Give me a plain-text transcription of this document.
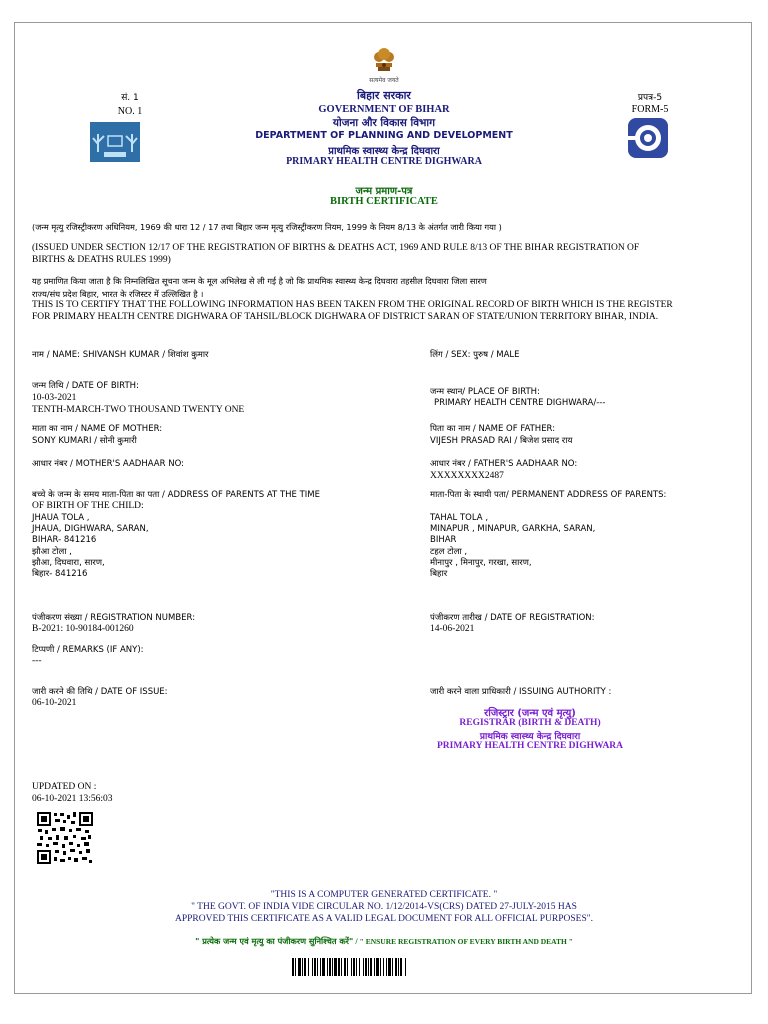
सत्यमेव जयते
सं. 1
NO. 1
बिहार सरकार
GOVERNMENT OF BIHAR
योजना और विकास विभाग
DEPARTMENT OF PLANNING AND DEVELOPMENT
प्राथमिक स्वास्थ्य केन्द्र दिघवारा
PRIMARY HEALTH CENTRE DIGHWARA
प्रपत्र-5
FORM-5
जन्म प्रमाण-पत्र
BIRTH CERTIFICATE
(जन्म मृत्यु रजिस्ट्रीकरण अधिनियम, 1969 की धारा 12 / 17 तथा बिहार जन्म मृत्यु रजिस्ट्रीकरण नियम, 1999 के नियम 8/13 के अंतर्गत जारी किया गया )
(ISSUED UNDER SECTION 12/17 OF THE REGISTRATION OF BIRTHS & DEATHS ACT, 1969 AND RULE 8/13 OF THE BIHAR REGISTRATION OF
BIRTHS & DEATHS RULES 1999)
यह प्रमाणित किया जाता है कि निम्नलिखित सूचना जन्म के मूल अभिलेख से ली गई है जो कि प्राथमिक स्वास्थ्य केन्द्र दिघवारा तहसील दिघवारा जिला सारण
राज्य/संघ प्रदेश बिहार, भारत के रजिस्टर में उल्लिखित है ।
THIS IS TO CERTIFY THAT THE FOLLOWING INFORMATION HAS BEEN TAKEN FROM THE ORIGINAL RECORD OF BIRTH WHICH IS THE REGISTER
FOR PRIMARY HEALTH CENTRE DIGHWARA OF TAHSIL/BLOCK DIGHWARA OF DISTRICT SARAN OF STATE/UNION TERRITORY BIHAR, INDIA.
नाम / NAME: SHIVANSH KUMAR / शिवांश कुमार	लिंग / SEX: पुरुष / MALE
जन्म तिथि / DATE OF BIRTH:
10-03-2021
TENTH-MARCH-TWO THOUSAND TWENTY ONE
जन्म स्थान/ PLACE OF BIRTH:
PRIMARY HEALTH CENTRE DIGHWARA/---
माता का नाम / NAME OF MOTHER:
SONY KUMARI / सोनी कुमारी
पिता का नाम / NAME OF FATHER:
VIJESH PRASAD RAI / बिजेश प्रसाद राय
आधार नंबर / MOTHER'S AADHAAR NO:	आधार नंबर / FATHER'S AADHAAR NO:
XXXXXXXX2487
बच्चे के जन्म के समय माता-पिता का पता / ADDRESS OF PARENTS AT THE TIME
OF BIRTH OF THE CHILD:
JHAUA TOLA ,
JHAUA, DIGHWARA, SARAN,
BIHAR- 841216
झौआ टोला ,
झौआ, दिघवारा, सारण,
बिहार- 841216
माता-पिता के स्थायी पता/ PERMANENT ADDRESS OF PARENTS:
TAHAL TOLA ,
MINAPUR , MINAPUR, GARKHA, SARAN,
BIHAR
टहल टोला ,
मीनापुर , मिनापुर, गरखा, सारण,
बिहार
पंजीकरण संख्या / REGISTRATION NUMBER:
B-2021: 10-90184-001260
पंजीकरण तारीख / DATE OF REGISTRATION:
14-06-2021
टिप्पणी / REMARKS (IF ANY):
---
जारी करने की तिथि / DATE OF ISSUE:
06-10-2021
जारी करने वाला प्राधिकारी / ISSUING AUTHORITY :
रजिस्ट्रार (जन्म एवं मृत्यु)
REGISTRAR (BIRTH & DEATH)
प्राथमिक स्वास्थ्य केन्द्र दिघवारा
PRIMARY HEALTH CENTRE DIGHWARA
UPDATED ON :
06-10-2021 13:56:03
"THIS IS A COMPUTER GENERATED CERTIFICATE. "
" THE GOVT. OF INDIA VIDE CIRCULAR NO. 1/12/2014-VS(CRS) DATED 27-JULY-2015 HAS
APPROVED THIS CERTIFICATE AS A VALID LEGAL DOCUMENT FOR ALL OFFICIAL PURPOSES".
" प्रत्येक जन्म एवं मृत्यु का पंजीकरण सुनिश्चित करें" / " ENSURE REGISTRATION OF EVERY BIRTH AND DEATH "
